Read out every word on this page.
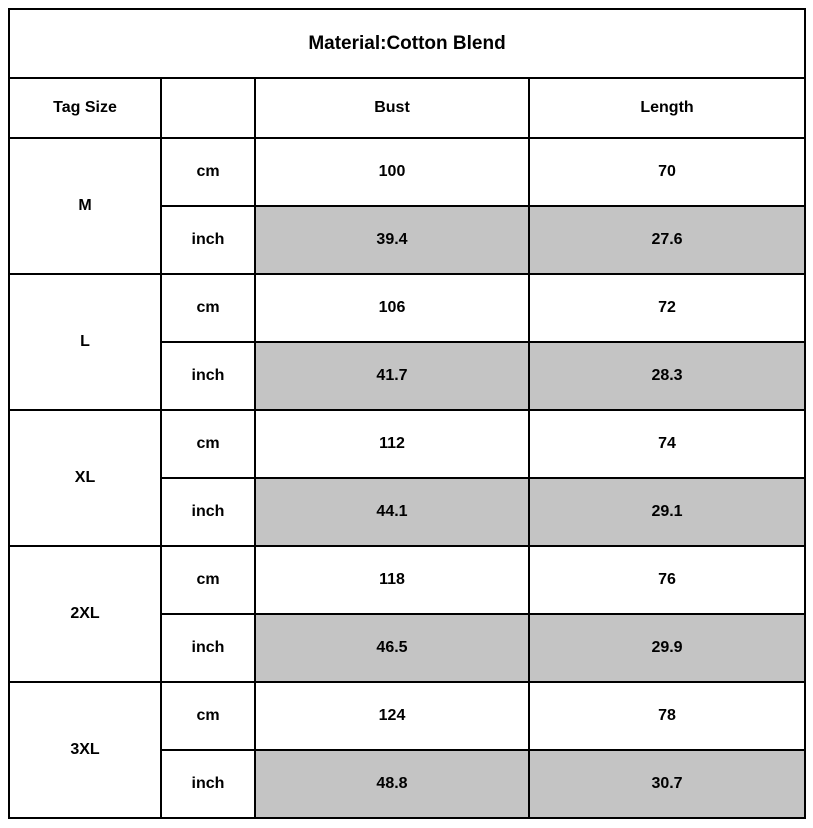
Material:Cotton Blend			
Tag Size		Bust	Length
M	cm	100	70
	inch	39.4	27.6
L	cm	106	72
	inch	41.7	28.3
XL	cm	112	74
	inch	44.1	29.1
2XL	cm	118	76
	inch	46.5	29.9
3XL	cm	124	78
	inch	48.8	30.7
